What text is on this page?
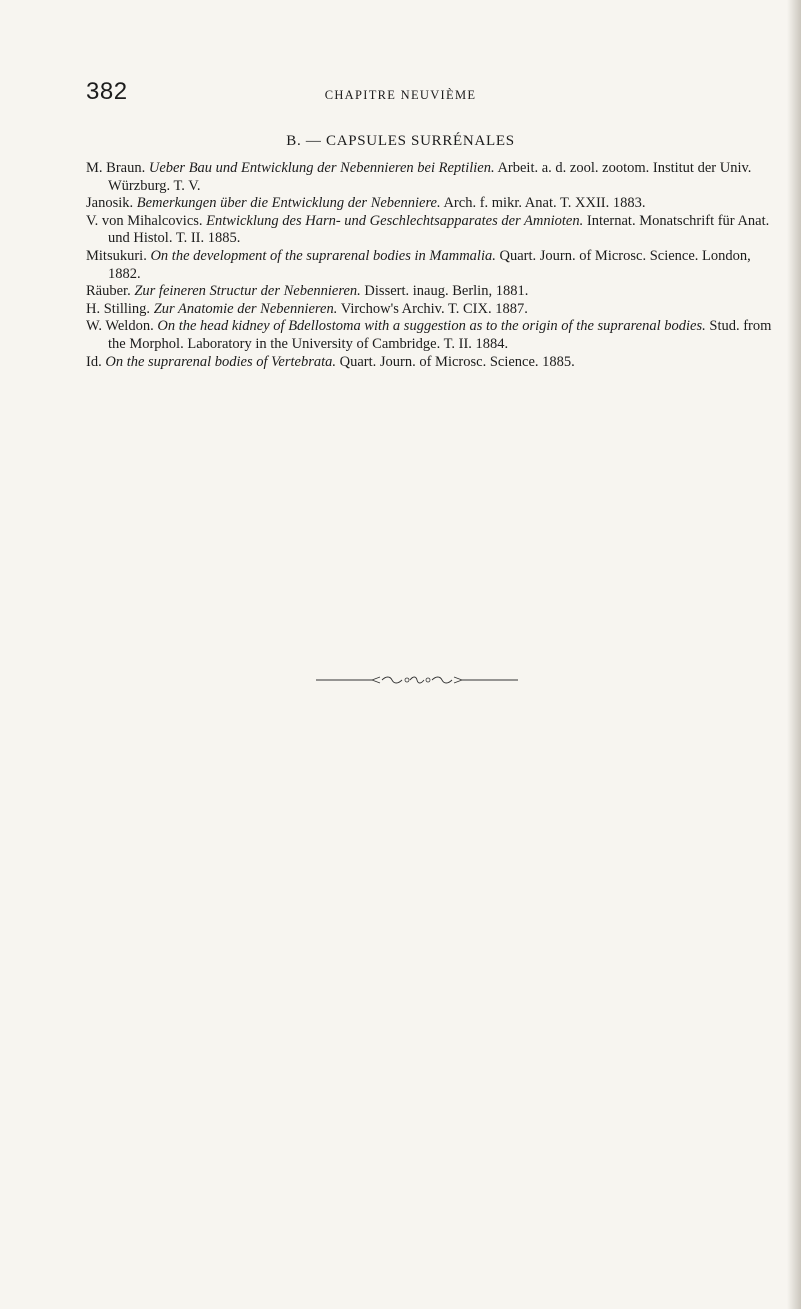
382	CHAPITRE NEUVIÈME
B. — CAPSULES SURRÉNALES
M. Braun. Ueber Bau und Entwicklung der Nebennieren bei Reptilien. Arbeit. a. d. zool. zootom. Institut der Univ. Würzburg. T. V.
Janosik. Bemerkungen über die Entwicklung der Nebenniere. Arch. f. mikr. Anat. T. XXII. 1883.
V. von Mihalcovics. Entwicklung des Harn- und Geschlechtsapparates der Amnioten. Internat. Monatschrift für Anat. und Histol. T. II. 1885.
Mitsukuri. On the development of the suprarenal bodies in Mammalia. Quart. Journ. of Microsc. Science. London, 1882.
Räuber. Zur feineren Structur der Nebennieren. Dissert. inaug. Berlin, 1881.
H. Stilling. Zur Anatomie der Nebennieren. Virchow's Archiv. T. CIX. 1887.
W. Weldon. On the head kidney of Bdellostoma with a suggestion as to the origin of the suprarenal bodies. Stud. from the Morphol. Laboratory in the University of Cambridge. T. II. 1884.
Id. On the suprarenal bodies of Vertebrata. Quart. Journ. of Microsc. Science. 1885.
